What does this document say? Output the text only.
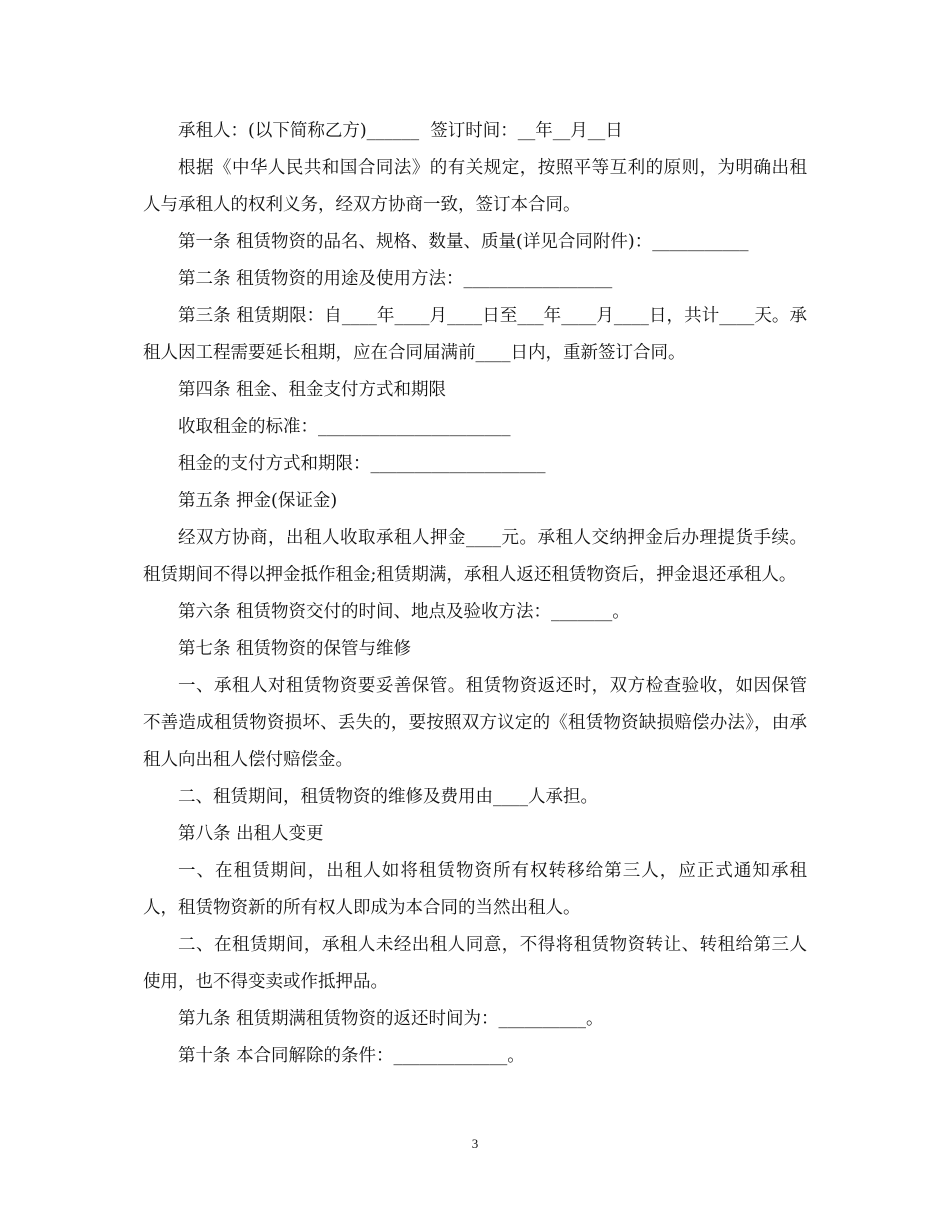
承租人：(以下简称乙方)______  签订时间：__年__月__日

根据《中华人民共和国合同法》的有关规定，按照平等互利的原则，为明确出租人与承租人的权利义务，经双方协商一致，签订本合同。

第一条 租赁物资的品名、规格、数量、质量(详见合同附件)：___________

第二条 租赁物资的用途及使用方法：_________________

第三条 租赁期限：自____年____月____日至___年____月____日，共计____天。承租人因工程需要延长租期，应在合同届满前____日内，重新签订合同。

第四条 租金、租金支付方式和期限

收取租金的标准：______________________

租金的支付方式和期限：____________________

第五条 押金(保证金)

经双方协商，出租人收取承租人押金____元。承租人交纳押金后办理提货手续。租赁期间不得以押金抵作租金;租赁期满，承租人返还租赁物资后，押金退还承租人。

第六条 租赁物资交付的时间、地点及验收方法：_______。

第七条 租赁物资的保管与维修

一、承租人对租赁物资要妥善保管。租赁物资返还时，双方检查验收，如因保管不善造成租赁物资损坏、丢失的，要按照双方议定的《租赁物资缺损赔偿办法》，由承租人向出租人偿付赔偿金。

二、租赁期间，租赁物资的维修及费用由____人承担。

第八条 出租人变更

一、在租赁期间，出租人如将租赁物资所有权转移给第三人，应正式通知承租人，租赁物资新的所有权人即成为本合同的当然出租人。

二、在租赁期间，承租人未经出租人同意，不得将租赁物资转让、转租给第三人使用，也不得变卖或作抵押品。

第九条 租赁期满租赁物资的返还时间为：__________。

第十条 本合同解除的条件：_____________。

3
